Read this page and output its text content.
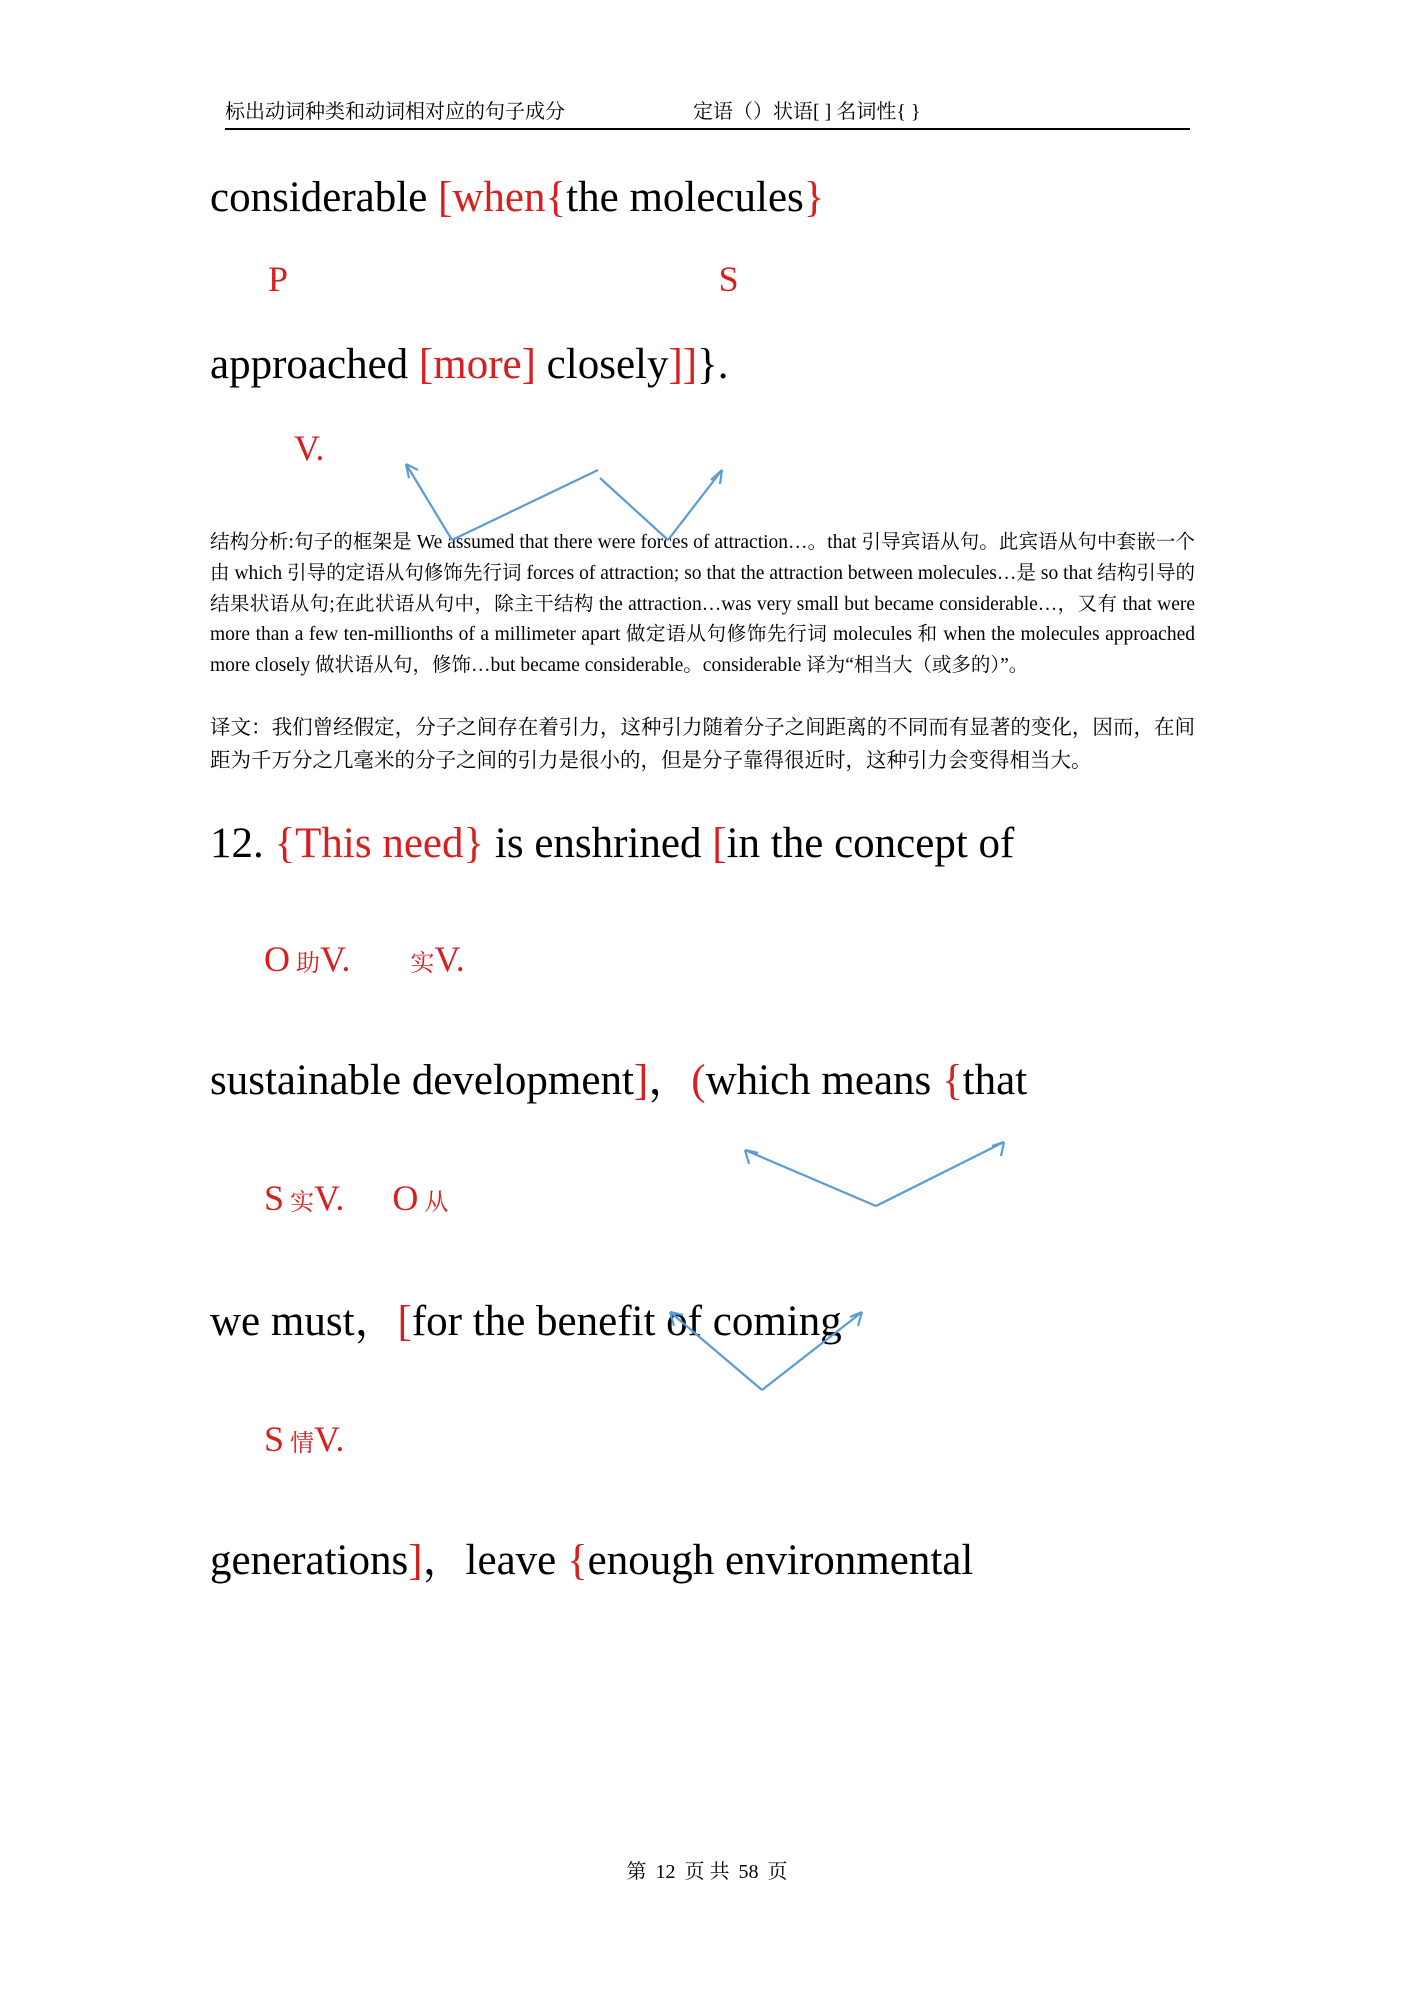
标出动词种类和动词相对应的句子成分	定语（）状语[ ] 名词性{ }
considerable [when{the molecules}
P                                                S
approached [more] closely]]}.
V.
结构分析:句子的框架是 We assumed that there were forces of attraction…。that 引导宾语从句。此宾语从句中套嵌一个由 which 引导的定语从句修饰先行词 forces of attraction; so that the attraction between molecules…是 so that 结构引导的结果状语从句;在此状语从句中，除主干结构 the attraction…was very small but became considerable…，又有 that were more than a few ten-millionths of a millimeter apart 做定语从句修饰先行词 molecules 和 when the molecules approached more closely 做状语从句，修饰…but became considerable。considerable 译为“相当大（或多的）”。
译文：我们曾经假定，分子之间存在着引力，这种引力随着分子之间距离的不同而有显著的变化，因而，在间距为千万分之几毫米的分子之间的引力是很小的，但是分子靠得很近时，这种引力会变得相当大。
12. {This need} is enshrined [in the concept of

O 助V.	实V.

sustainable development]，(which means {that

S 实V. O 从

we must，[for the benefit of coming

S 情V.

generations]，leave {enough environmental
第 12 页 共 58 页
